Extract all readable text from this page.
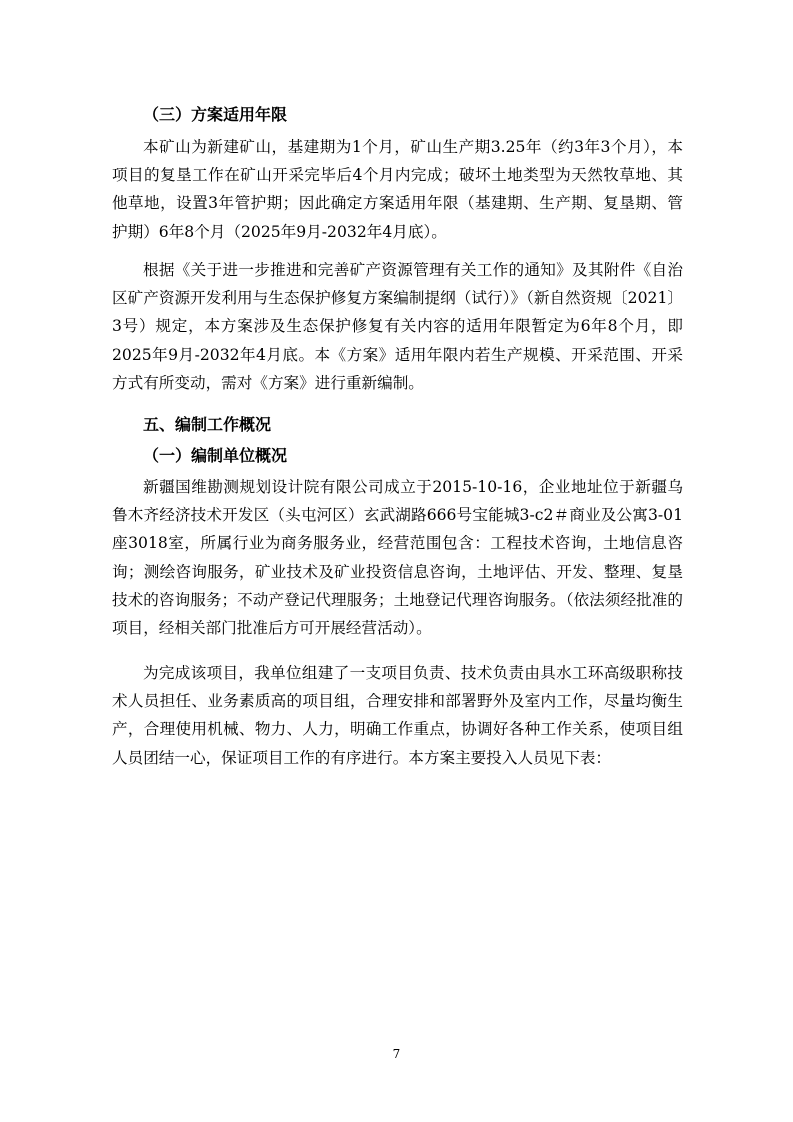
（三）方案适用年限

本矿山为新建矿山，基建期为1个月，矿山生产期3.25年（约3年3个月），本项目的复垦工作在矿山开采完毕后4个月内完成；破坏土地类型为天然牧草地、其他草地，设置3年管护期；因此确定方案适用年限（基建期、生产期、复垦期、管护期）6年8个月（2025年9月-2032年4月底）。

根据《关于进一步推进和完善矿产资源管理有关工作的通知》及其附件《自治区矿产资源开发利用与生态保护修复方案编制提纲（试行）》（新自然资规〔2021〕3号）规定，本方案涉及生态保护修复有关内容的适用年限暂定为6年8个月，即2025年9月-2032年4月底。本《方案》适用年限内若生产规模、开采范围、开采方式有所变动，需对《方案》进行重新编制。

五、编制工作概况
（一）编制单位概况

新疆国维勘测规划设计院有限公司成立于2015-10-16，企业地址位于新疆乌鲁木齐经济技术开发区（头屯河区）玄武湖路666号宝能城3-c2＃商业及公寓3-01座3018室，所属行业为商务服务业，经营范围包含：工程技术咨询，土地信息咨询；测绘咨询服务，矿业技术及矿业投资信息咨询，土地评估、开发、整理、复垦技术的咨询服务；不动产登记代理服务；土地登记代理咨询服务。（依法须经批准的项目，经相关部门批准后方可开展经营活动）。

为完成该项目，我单位组建了一支项目负责、技术负责由具水工环高级职称技术人员担任、业务素质高的项目组，合理安排和部署野外及室内工作，尽量均衡生产，合理使用机械、物力、人力，明确工作重点，协调好各种工作关系，使项目组人员团结一心，保证项目工作的有序进行。本方案主要投入人员见下表：

7
